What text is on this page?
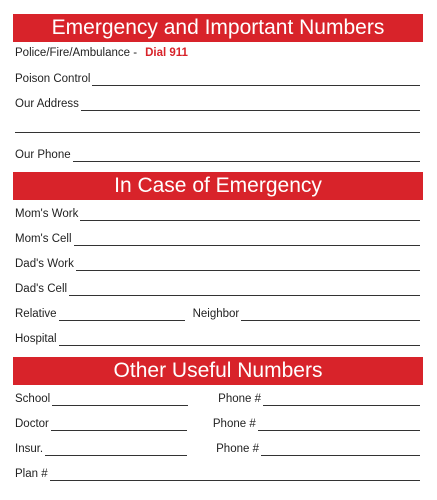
Emergency and Important Numbers
Police/Fire/Ambulance - Dial 911
Poison Control
Our Address
Our Phone
In Case of Emergency
Mom's Work
Mom's Cell
Dad's Work
Dad's Cell
Relative	Neighbor
Hospital
Other Useful Numbers
School	Phone #
Doctor	Phone #
Insur.	Phone #
Plan #
